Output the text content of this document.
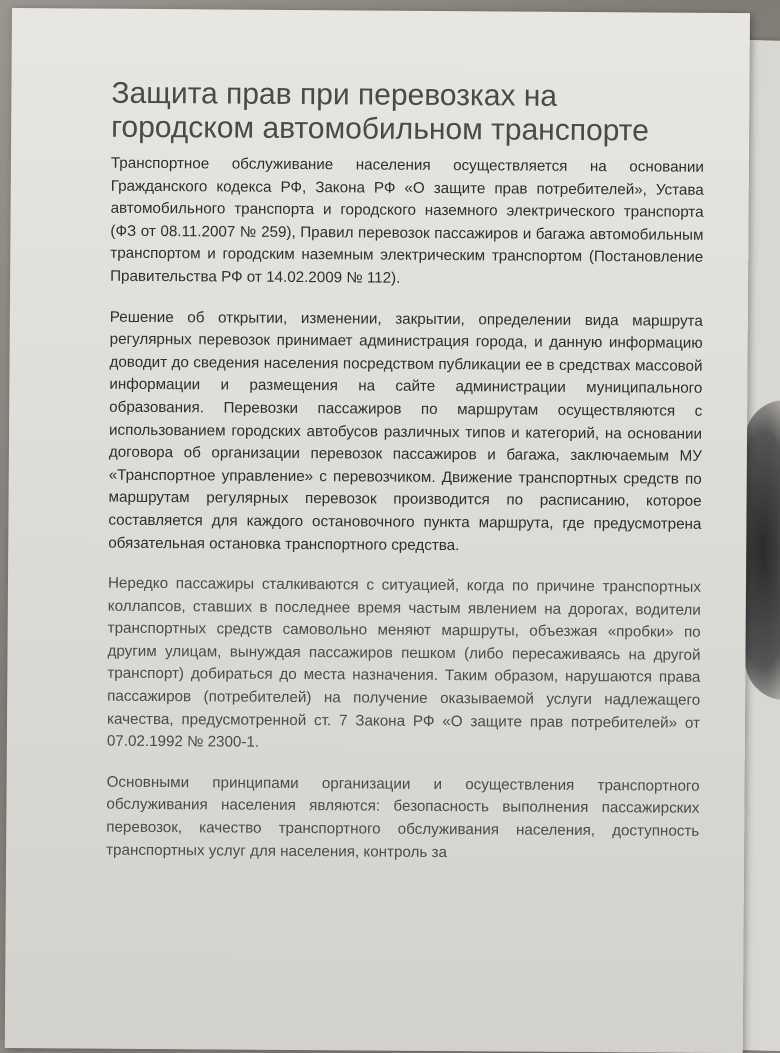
Защита прав при перевозках на городском автомобильном транспорте

Транспортное обслуживание населения осуществляется на основании Гражданского кодекса РФ, Закона РФ «О защите прав потребителей», Устава автомобильного транспорта и городского наземного электрического транспорта (ФЗ от 08.11.2007 № 259), Правил перевозок пассажиров и багажа автомобильным транспортом и городским наземным электрическим транспортом (Постановление Правительства РФ от 14.02.2009 № 112).

Решение об открытии, изменении, закрытии, определении вида маршрута регулярных перевозок принимает администрация города, и данную информацию доводит до сведения населения посредством публикации ее в средствах массовой информации и размещения на сайте администрации муниципального образования. Перевозки пассажиров по маршрутам осуществляются с использованием городских автобусов различных типов и категорий, на основании договора об организации перевозок пассажиров и багажа, заключаемым МУ «Транспортное управление» с перевозчиком. Движение транспортных средств по маршрутам регулярных перевозок производится по расписанию, которое составляется для каждого остановочного пункта маршрута, где предусмотрена обязательная остановка транспортного средства.

Нередко пассажиры сталкиваются с ситуацией, когда по причине транспортных коллапсов, ставших в последнее время частым явлением на дорогах, водители транспортных средств самовольно меняют маршруты, объезжая «пробки» по другим улицам, вынуждая пассажиров пешком (либо пересаживаясь на другой транспорт) добираться до места назначения. Таким образом, нарушаются права пассажиров (потребителей) на получение оказываемой услуги надлежащего качества, предусмотренной ст. 7 Закона РФ «О защите прав потребителей» от 07.02.1992 № 2300-1.

Основными принципами организации и осуществления транспортного обслуживания населения являются: безопасность выполнения пассажирских перевозок, качество транспортного обслуживания населения, доступность транспортных услуг для населения, контроль за
